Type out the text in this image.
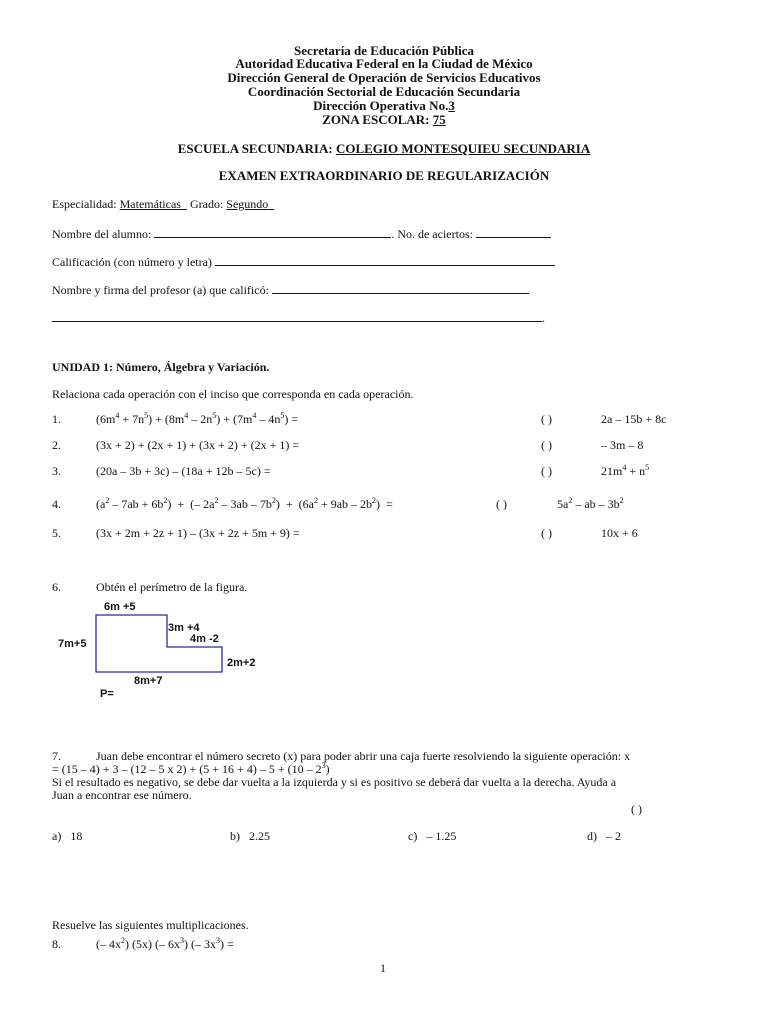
Secretaría de Educación Pública
Autoridad Educativa Federal en la Ciudad de México
Dirección General de Operación de Servicios Educativos
Coordinación Sectorial de Educación Secundaria
Dirección Operativa No.3
ZONA ESCOLAR: 75
ESCUELA SECUNDARIA: COLEGIO MONTESQUIEU SECUNDARIA
EXAMEN EXTRAORDINARIO DE REGULARIZACIÓN
Especialidad: Matemáticas Grado: Segundo
Nombre del alumno:	. No. de aciertos:
Calificación (con número y letra)
Nombre y firma del profesor (a) que calificó:
.
UNIDAD 1: Número, Álgebra y Variación.
Relaciona cada operación con el inciso que corresponda en cada operación.
1.	$(6m^4 + 7n^5) + (8m^4 - 2n^5) + (7m^4 - 4n^5)$ =	( )	2a – 15b + 8c
2.	(3x + 2) + (2x + 1) + (3x + 2) + (2x + 1) =	( )	– 3m – 8
3.	(20a – 3b + 3c) – (18a + 12b – 5c) =	( )	$21m^4 + n^5$
4.	$(a^2 - 7ab + 6b^2)$  +  (– $2a^2 - 3ab - 7b^2) + (6a^2 + 9ab - 2b^2)$  =	( )	$5a^2$ – ab – $3b^2$
5.	(3x + 2m + 2z + 1) – (3x + 2z + 5m + 9) =	( )	10x + 6
6.	Obtén el perímetro de la figura.
6m +5
7m+5
3m +4
4m -2
2m+2
8m+7
P=
7.	Juan debe encontrar el número secreto (x) para poder abrir una caja fuerte resolviendo la siguiente operación: x
= (15 – 4) + 3 – (12 – 5 x $2) + (5 + 16 + 4) - 5 + (10 - 2^3)$
Si el resultado es negativo, se debe dar vuelta a la izquierda y si es positivo se deberá dar vuelta a la derecha. Ayuda a
Juan a encontrar ese número.
( )
a) 18	b) 2.25	c) – 1.25	d) – 2
Resuelve las siguientes multiplicaciones.
8.	(– $4x^2$) (5x) (– $6x^3$) (– $3x^3$) =
1
